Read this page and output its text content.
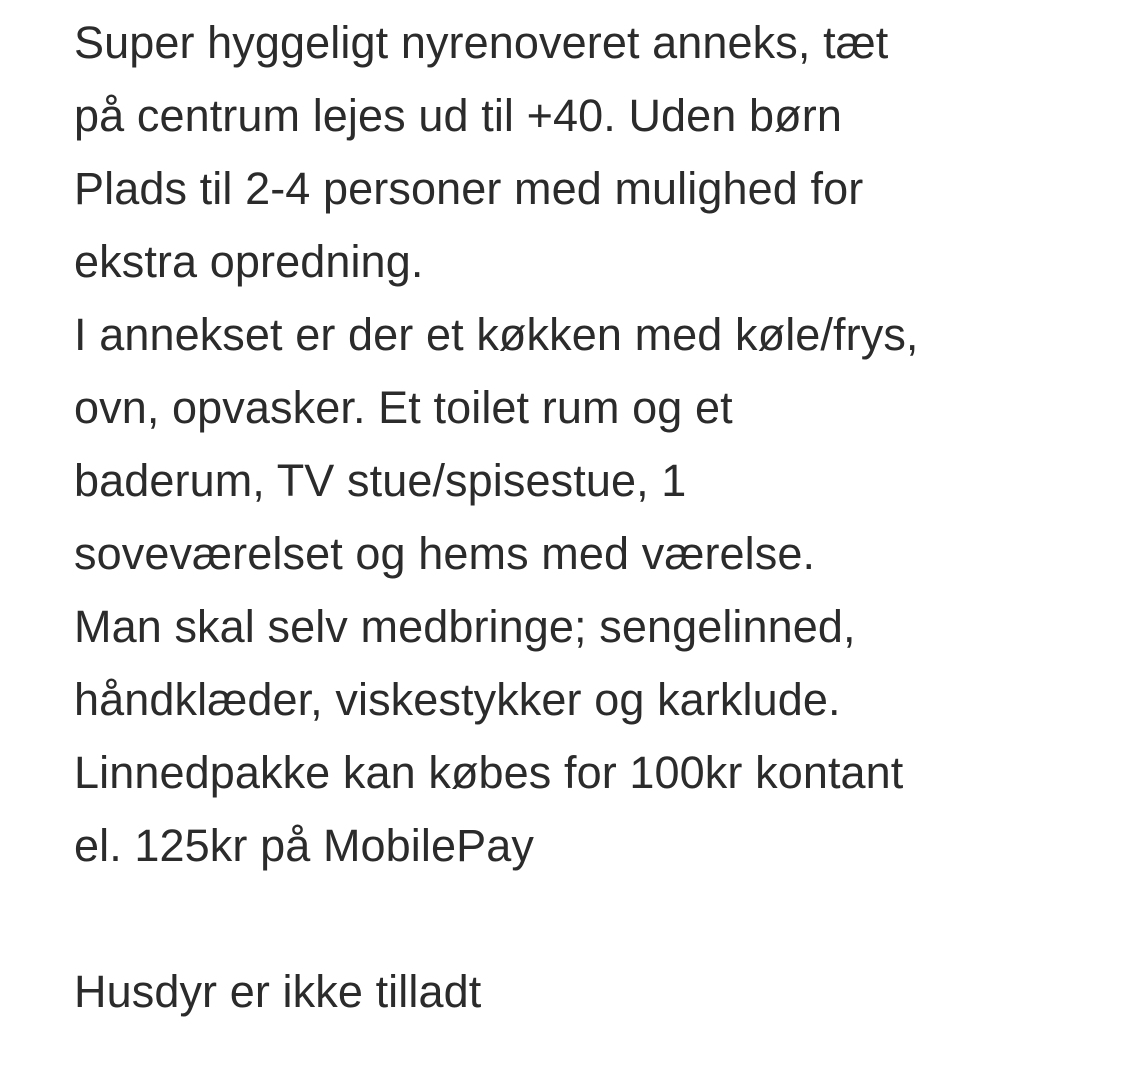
Super hyggeligt nyrenoveret anneks, tæt
på centrum lejes ud til +40. Uden børn
Plads til 2-4 personer med mulighed for
ekstra opredning.
I annekset er der et køkken med køle/frys,
ovn, opvasker. Et toilet rum og et
baderum, TV stue/spisestue, 1
soveværelset og hems med værelse.
Man skal selv medbringe; sengelinned,
håndklæder, viskestykker og karklude.
Linnedpakke kan købes for 100kr kontant
el. 125kr på MobilePay
Husdyr er ikke tilladt
